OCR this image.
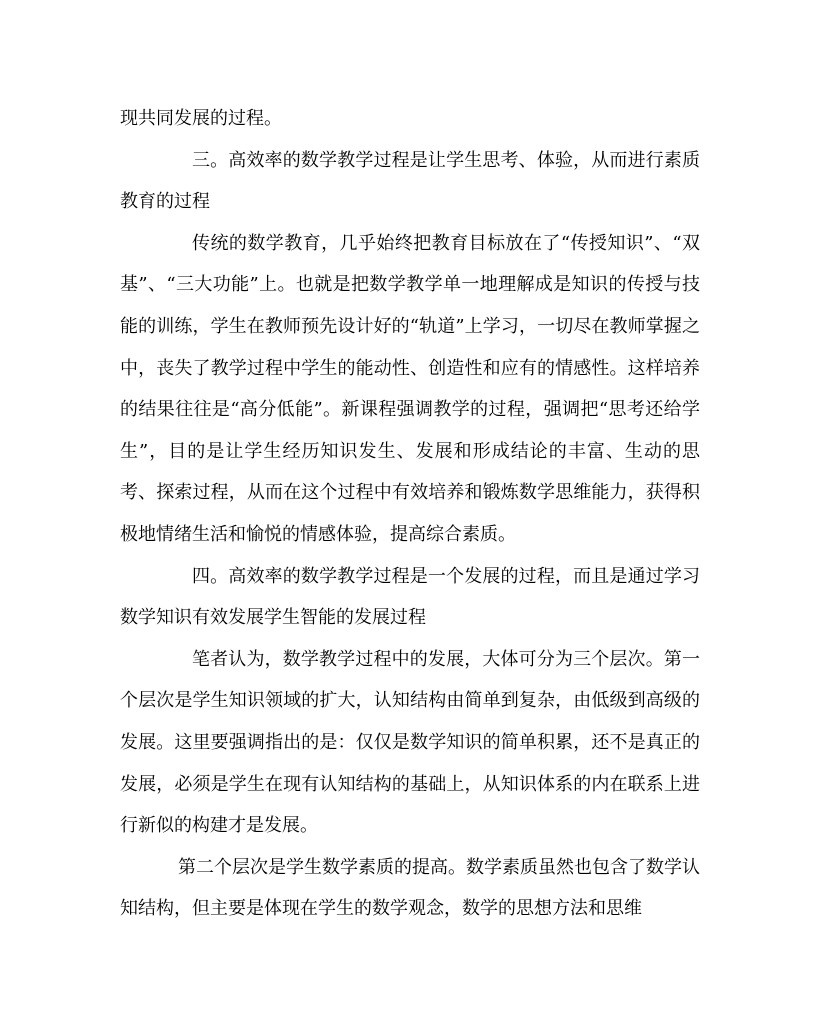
现共同发展的过程。

三。高效率的数学教学过程是让学生思考、体验，从而进行素质教育的过程

传统的数学教育，几乎始终把教育目标放在了“传授知识”、“双基”、“三大功能”上。也就是把数学教学单一地理解成是知识的传授与技能的训练，学生在教师预先设计好的“轨道”上学习，一切尽在教师掌握之中，丧失了教学过程中学生的能动性、创造性和应有的情感性。这样培养的结果往往是“高分低能”。新课程强调教学的过程，强调把“思考还给学生”，目的是让学生经历知识发生、发展和形成结论的丰富、生动的思考、探索过程，从而在这个过程中有效培养和锻炼数学思维能力，获得积极地情绪生活和愉悦的情感体验，提高综合素质。

四。高效率的数学教学过程是一个发展的过程，而且是通过学习数学知识有效发展学生智能的发展过程

笔者认为，数学教学过程中的发展，大体可分为三个层次。第一个层次是学生知识领域的扩大，认知结构由简单到复杂，由低级到高级的发展。这里要强调指出的是：仅仅是数学知识的简单积累，还不是真正的发展，必须是学生在现有认知结构的基础上，从知识体系的内在联系上进行新似的构建才是发展。

第二个层次是学生数学素质的提高。数学素质虽然也包含了数学认知结构，但主要是体现在学生的数学观念，数学的思想方法和思维
